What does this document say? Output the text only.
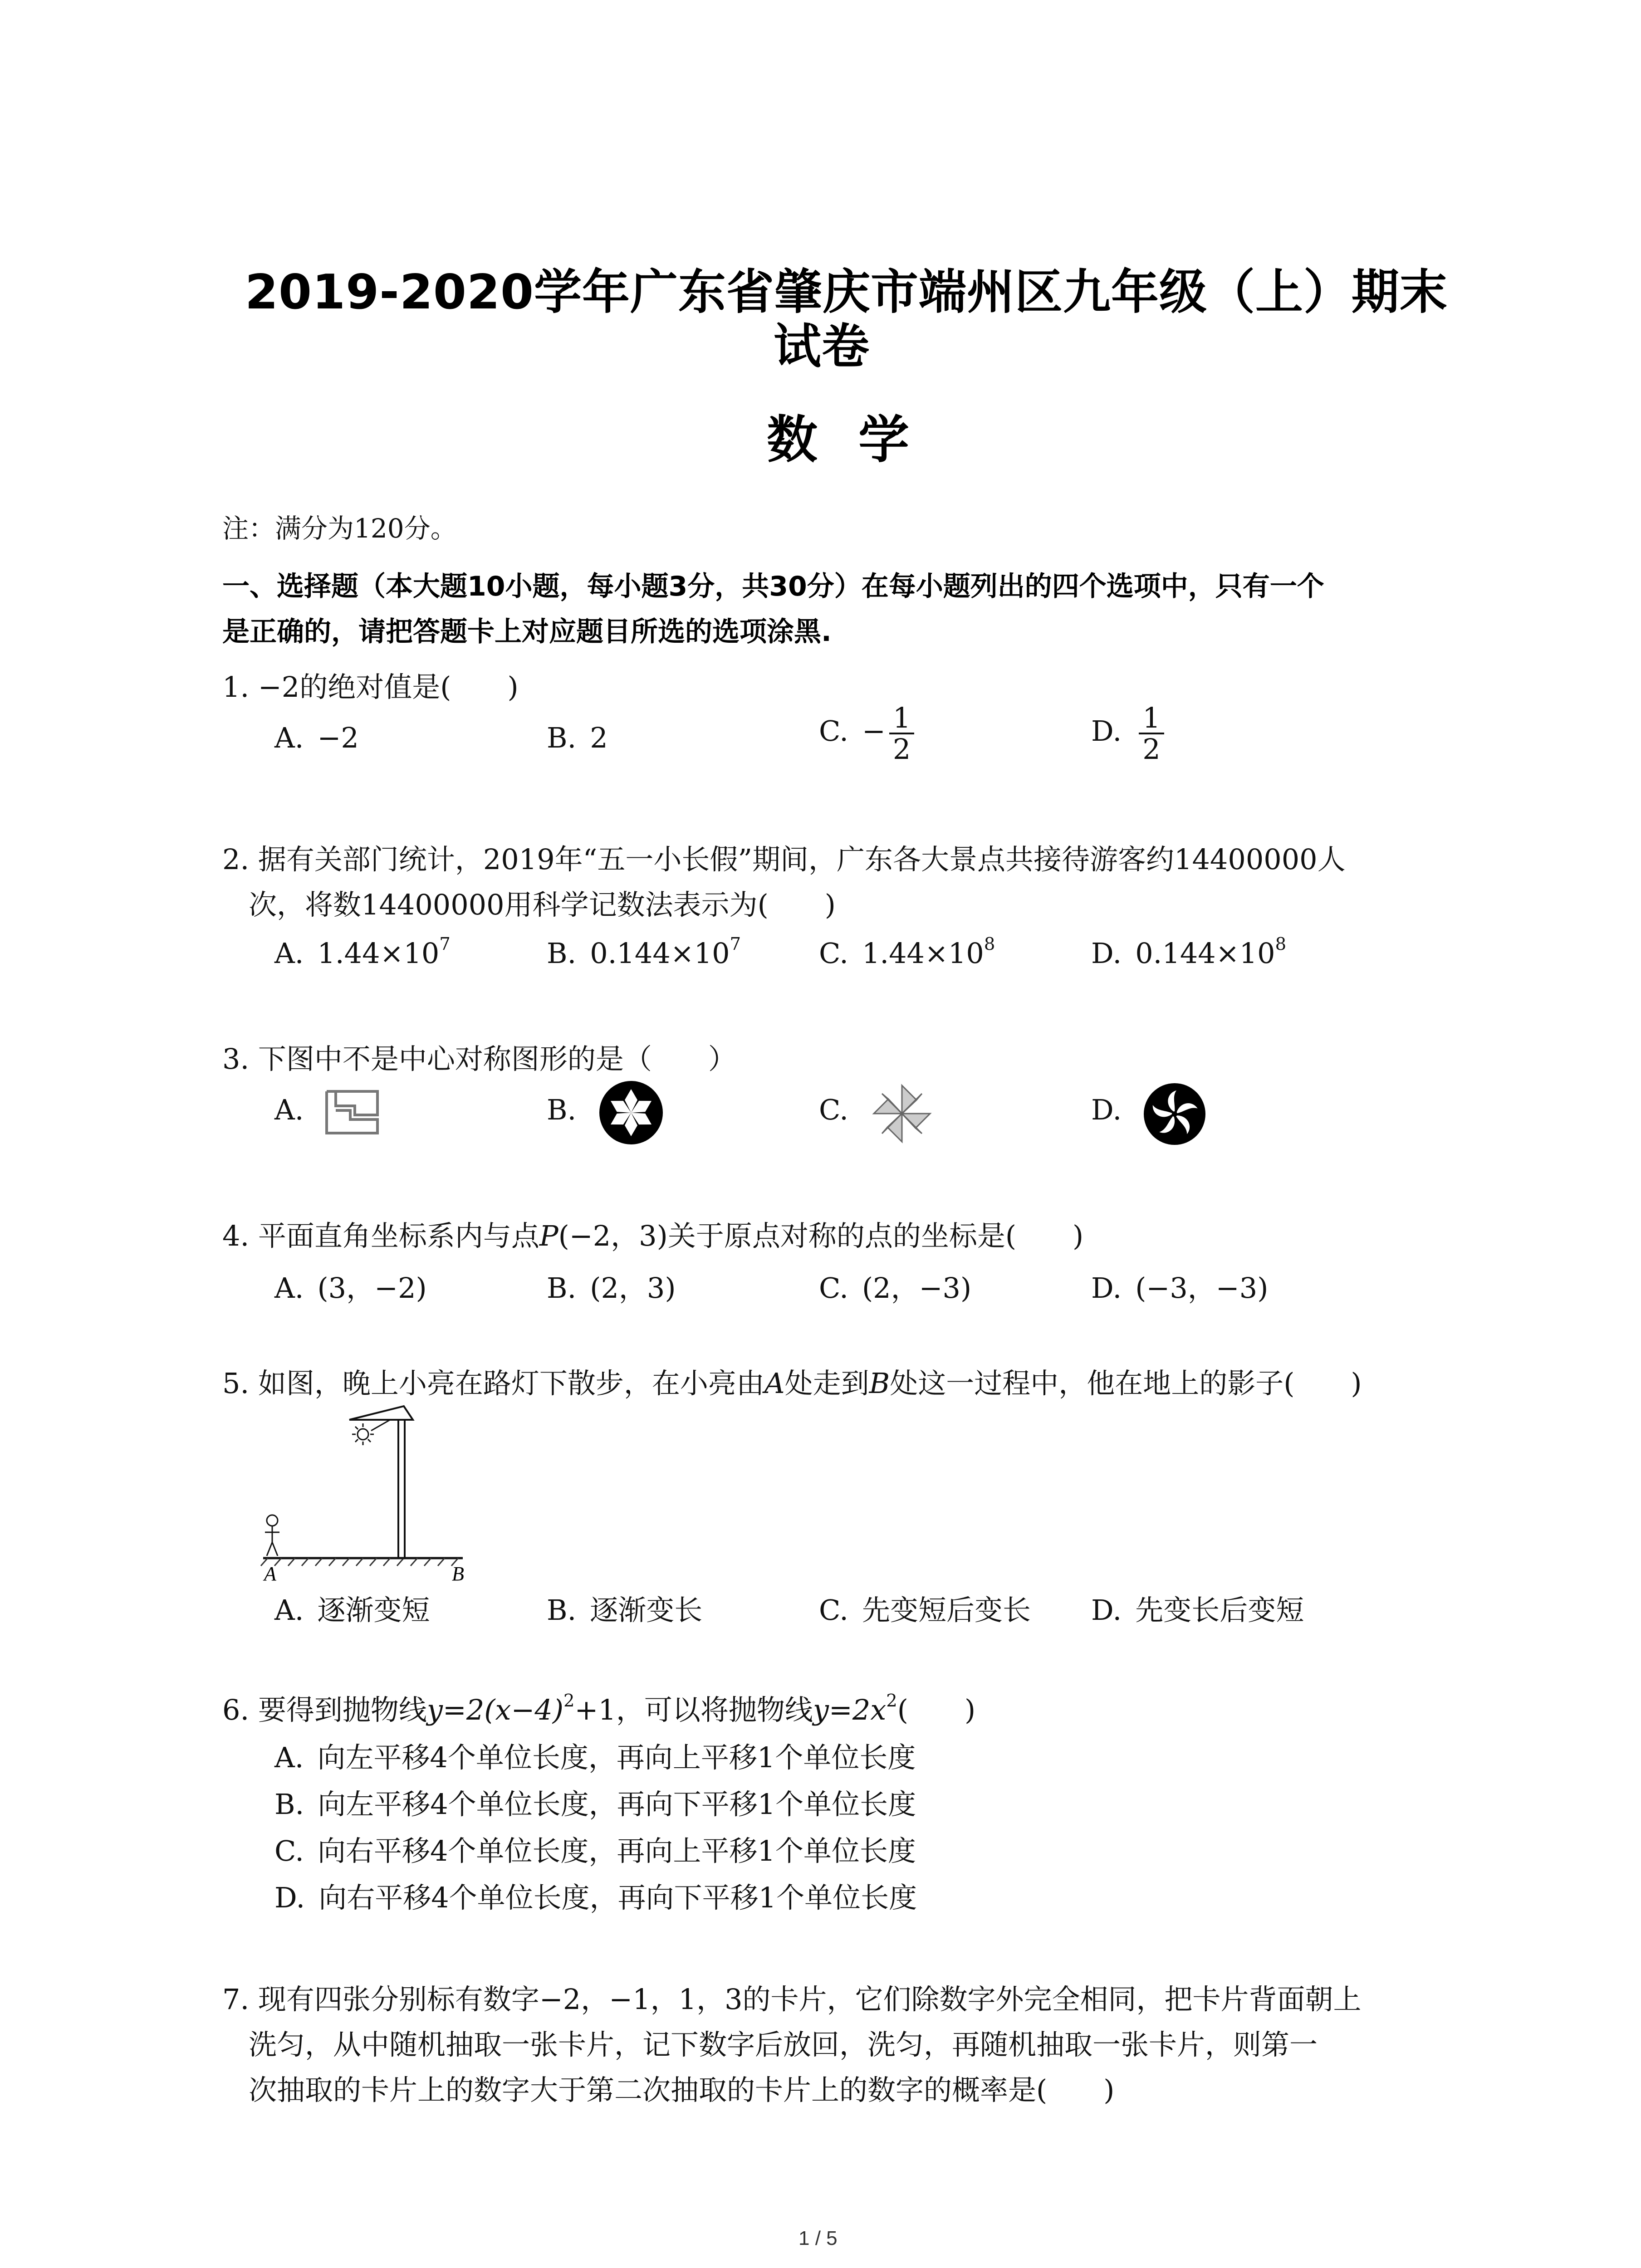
2019-2020学年广东省肇庆市端州区九年级（上）期末
试卷
数学
注：满分为120分。
一、选择题（本大题10小题，每小题3分，共30分）在每小题列出的四个选项中，只有一个
是正确的，请把答题卡上对应题目所选的选项涂黑.
1. −2的绝对值是(　　)
A. −2	B. 2	C. − $\frac{1}{2}$	D. $\frac{1}{2}$
2. 据有关部门统计，2019年“五一小长假”期间，广东各大景点共接待游客约14400000人
次，将数14400000用科学记数法表示为(　　)
A. $1.44\times 10^7$	B. $0.144\times 10^7$	C. $1.44\times 10^8$	D. $0.144\times 10^8$
3. 下图中不是中心对称图形的是（　　）
A.	B.	C.	D.
4. 平面直角坐标系内与点P(−2，3)关于原点对称的点的坐标是(　　)
A. (3，−2)	B. (2，3)	C. (2，−3)	D. (−3，−3)
5. 如图，晚上小亮在路灯下散步，在小亮由A处走到B处这一过程中，他在地上的影子(　　)
A	B
A. 逐渐变短	B. 逐渐变长	C. 先变短后变长 D. 先变长后变短
6. 要得到抛物线$y=2(x-4)^2+1$，可以将抛物线$y=2x^2$(　　)
A. 向左平移4个单位长度，再向上平移1个单位长度
B. 向左平移4个单位长度，再向下平移1个单位长度
C. 向右平移4个单位长度，再向上平移1个单位长度
D. 向右平移4个单位长度，再向下平移1个单位长度
7. 现有四张分别标有数字−2，−1，1，3的卡片，它们除数字外完全相同，把卡片背面朝上
洗匀，从中随机抽取一张卡片，记下数字后放回，洗匀，再随机抽取一张卡片，则第一
次抽取的卡片上的数字大于第二次抽取的卡片上的数字的概率是(　　)
1 / 5
